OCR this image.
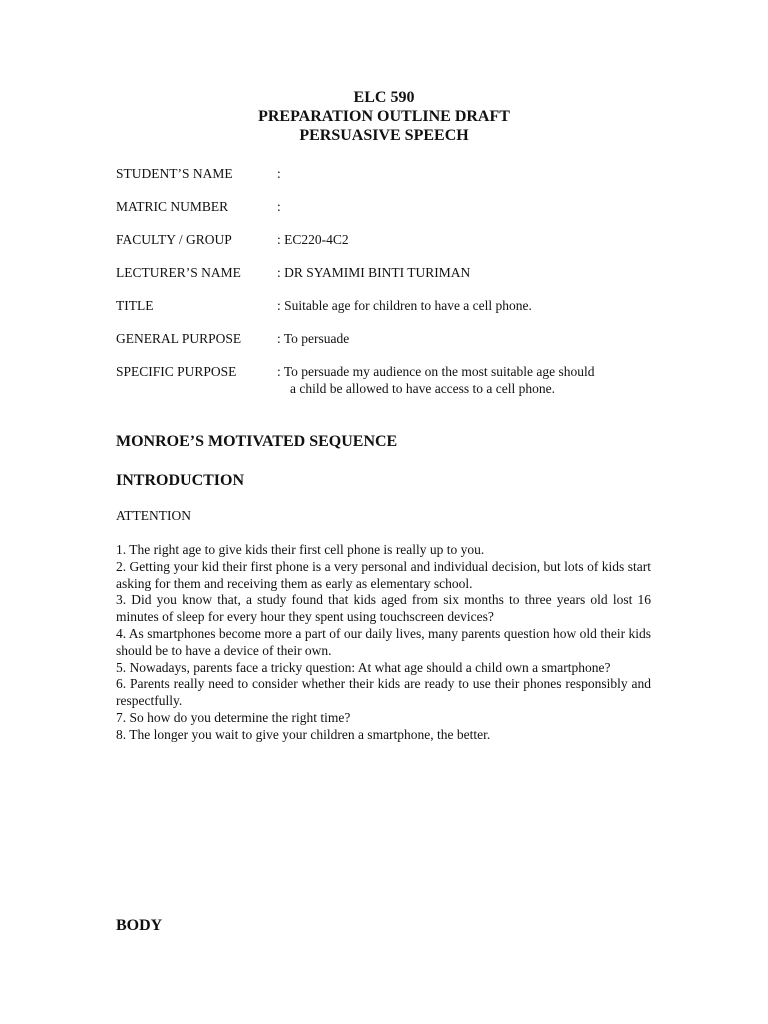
ELC 590
PREPARATION OUTLINE DRAFT
PERSUASIVE SPEECH
STUDENT’S NAME	:
MATRIC NUMBER	:
FACULTY / GROUP	: EC220-4C2
LECTURER’S NAME	: DR SYAMIMI BINTI TURIMAN
TITLE	: Suitable age for children to have a cell phone.
GENERAL PURPOSE	: To persuade
SPECIFIC PURPOSE	: To persuade my audience on the most suitable age should
a child be allowed to have access to a cell phone.
MONROE’S MOTIVATED SEQUENCE
INTRODUCTION
ATTENTION
1. The right age to give kids their first cell phone is really up to you.
2. Getting your kid their first phone is a very personal and individual decision, but lots of kids start asking for them and receiving them as early as elementary school.
3. Did you know that, a study found that kids aged from six months to three years old lost 16 minutes of sleep for every hour they spent using touchscreen devices?
4. As smartphones become more a part of our daily lives, many parents question how old their kids should be to have a device of their own.
5. Nowadays, parents face a tricky question: At what age should a child own a smartphone?
6. Parents really need to consider whether their kids are ready to use their phones responsibly and respectfully.
7. So how do you determine the right time?
8. The longer you wait to give your children a smartphone, the better.
BODY
